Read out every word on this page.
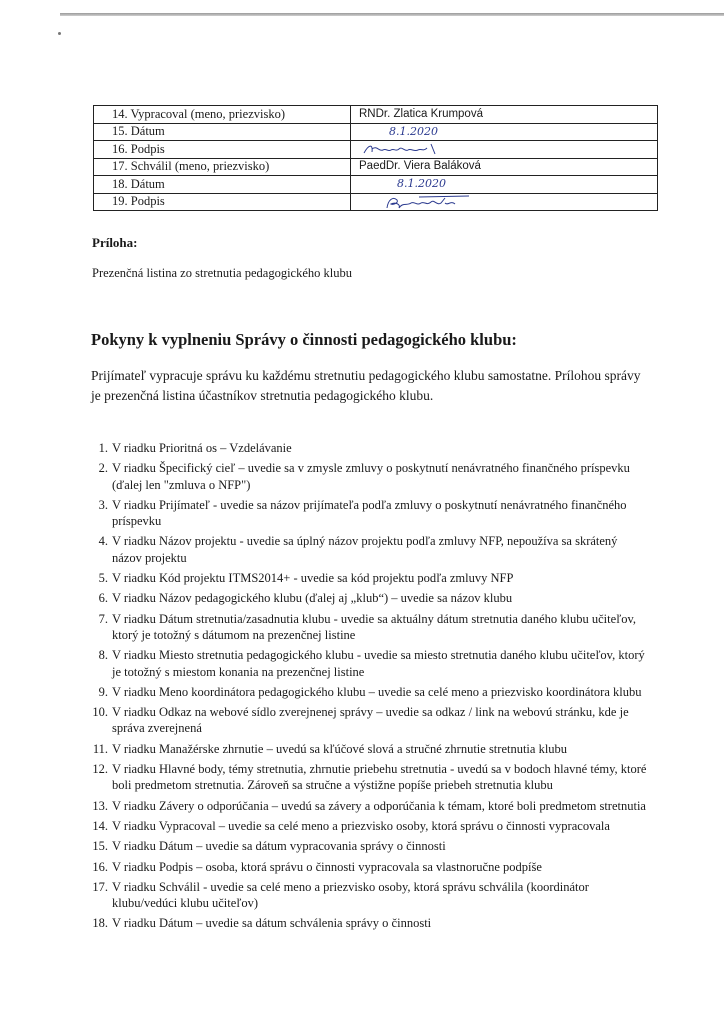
14. Vypracoval (meno, priezvisko)	RNDr. Zlatica Krumpová
15. Dátum	8.1.2020
16. Podpis	

17. Schválil (meno, priezvisko)	PaedDr. Viera Baláková
18. Dátum	8.1.2020
19. Podpis	
Príloha:
Prezenčná listina zo stretnutia pedagogického klubu
Pokyny k vyplneniu Správy o činnosti pedagogického klubu:
Prijímateľ vypracuje správu ku každému stretnutiu pedagogického klubu samostatne. Prílohou správy je prezenčná listina účastníkov stretnutia pedagogického klubu.
1. V riadku Prioritná os – Vzdelávanie
2. V riadku Špecifický cieľ – uvedie sa v zmysle zmluvy o poskytnutí nenávratného finančného príspevku (ďalej len "zmluva o NFP")
3. V riadku Prijímateľ - uvedie sa názov prijímateľa podľa zmluvy o poskytnutí nenávratného finančného príspevku
4. V riadku Názov projektu - uvedie sa úplný názov projektu podľa zmluvy NFP, nepoužíva sa skrátený názov projektu
5. V riadku Kód projektu ITMS2014+ - uvedie sa kód projektu podľa zmluvy NFP
6. V riadku Názov pedagogického klubu (ďalej aj „klub“) – uvedie sa názov klubu
7. V riadku Dátum stretnutia/zasadnutia klubu - uvedie sa aktuálny dátum stretnutia daného klubu učiteľov, ktorý je totožný s dátumom na prezenčnej listine
8. V riadku Miesto stretnutia pedagogického klubu - uvedie sa miesto stretnutia daného klubu učiteľov, ktorý je totožný s miestom konania na prezenčnej listine
9. V riadku Meno koordinátora pedagogického klubu – uvedie sa celé meno a priezvisko koordinátora klubu
10. V riadku Odkaz na webové sídlo zverejnenej správy – uvedie sa odkaz / link na webovú stránku, kde je správa zverejnená
11. V riadku Manažérske zhrnutie – uvedú sa kľúčové slová a stručné zhrnutie stretnutia klubu
12. V riadku Hlavné body, témy stretnutia, zhrnutie priebehu stretnutia - uvedú sa v bodoch hlavné témy, ktoré boli predmetom stretnutia. Zároveň sa stručne a výstižne popíše priebeh stretnutia klubu
13. V riadku Závery o odporúčania – uvedú sa závery a odporúčania k témam, ktoré boli predmetom stretnutia
14. V riadku Vypracoval – uvedie sa celé meno a priezvisko osoby, ktorá správu o činnosti vypracovala
15. V riadku Dátum – uvedie sa dátum vypracovania správy o činnosti
16. V riadku Podpis – osoba, ktorá správu o činnosti vypracovala sa vlastnoručne podpíše
17. V riadku Schválil - uvedie sa celé meno a priezvisko osoby, ktorá správu schválila (koordinátor klubu/vedúci klubu učiteľov)
18. V riadku Dátum – uvedie sa dátum schválenia správy o činnosti
